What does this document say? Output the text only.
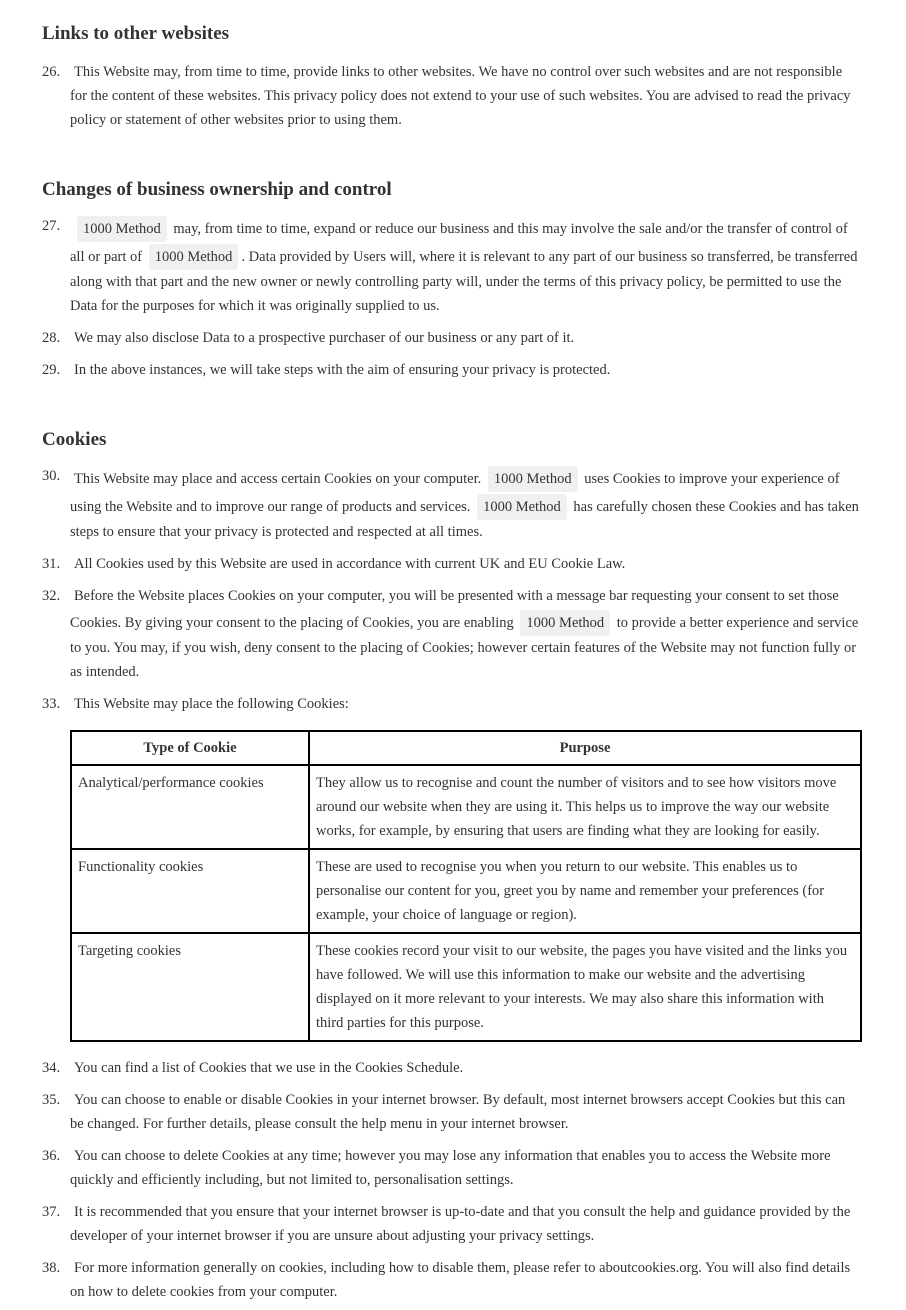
Links to other websites
26. This Website may, from time to time, provide links to other websites. We have no control over such websites and are not responsible for the content of these websites. This privacy policy does not extend to your use of such websites. You are advised to read the privacy policy or statement of other websites prior to using them.
Changes of business ownership and control
27. 1000 Method may, from time to time, expand or reduce our business and this may involve the sale and/or the transfer of control of all or part of 1000 Method . Data provided by Users will, where it is relevant to any part of our business so transferred, be transferred along with that part and the new owner or newly controlling party will, under the terms of this privacy policy, be permitted to use the Data for the purposes for which it was originally supplied to us.
28. We may also disclose Data to a prospective purchaser of our business or any part of it.
29. In the above instances, we will take steps with the aim of ensuring your privacy is protected.
Cookies
30. This Website may place and access certain Cookies on your computer. 1000 Method uses Cookies to improve your experience of using the Website and to improve our range of products and services. 1000 Method has carefully chosen these Cookies and has taken steps to ensure that your privacy is protected and respected at all times.
31. All Cookies used by this Website are used in accordance with current UK and EU Cookie Law.
32. Before the Website places Cookies on your computer, you will be presented with a message bar requesting your consent to set those Cookies. By giving your consent to the placing of Cookies, you are enabling 1000 Method to provide a better experience and service to you. You may, if you wish, deny consent to the placing of Cookies; however certain features of the Website may not function fully or as intended.
33. This Website may place the following Cookies:
Type of Cookie	Purpose
Analytical/performance cookies	They allow us to recognise and count the number of visitors and to see how visitors move around our website when they are using it. This helps us to improve the way our website works, for example, by ensuring that users are finding what they are looking for easily.
Functionality cookies	These are used to recognise you when you return to our website. This enables us to personalise our content for you, greet you by name and remember your preferences (for example, your choice of language or region).
Targeting cookies	These cookies record your visit to our website, the pages you have visited and the links you have followed. We will use this information to make our website and the advertising displayed on it more relevant to your interests. We may also share this information with third parties for this purpose.
34. You can find a list of Cookies that we use in the Cookies Schedule.
35. You can choose to enable or disable Cookies in your internet browser. By default, most internet browsers accept Cookies but this can be changed. For further details, please consult the help menu in your internet browser.
36. You can choose to delete Cookies at any time; however you may lose any information that enables you to access the Website more quickly and efficiently including, but not limited to, personalisation settings.
37. It is recommended that you ensure that your internet browser is up-to-date and that you consult the help and guidance provided by the developer of your internet browser if you are unsure about adjusting your privacy settings.
38. For more information generally on cookies, including how to disable them, please refer to aboutcookies.org. You will also find details on how to delete cookies from your computer.
